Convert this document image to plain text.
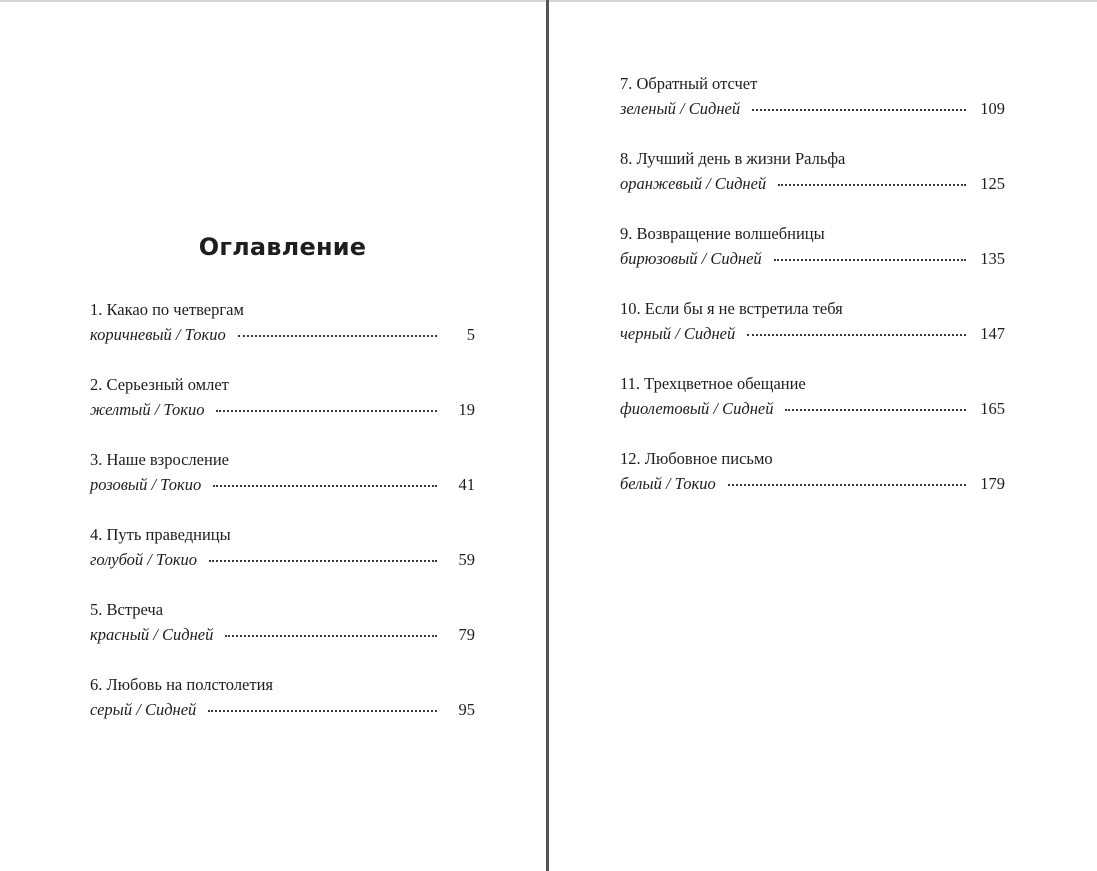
Оглавление
1. Какао по четвергам
коричневый / Токио	5
2. Серьезный омлет
желтый / Токио	19
3. Наше взросление
розовый / Токио	41
4. Путь праведницы
голубой / Токио	59
5. Встреча
красный / Сидней	79
6. Любовь на полстолетия
серый / Сидней	95
7. Обратный отсчет
зеленый / Сидней	109
8. Лучший день в жизни Ральфа
оранжевый / Сидней	125
9. Возвращение волшебницы
бирюзовый / Сидней	135
10. Если бы я не встретила тебя
черный / Сидней	147
11. Трехцветное обещание
фиолетовый / Сидней	165
12. Любовное письмо
белый / Токио	179
